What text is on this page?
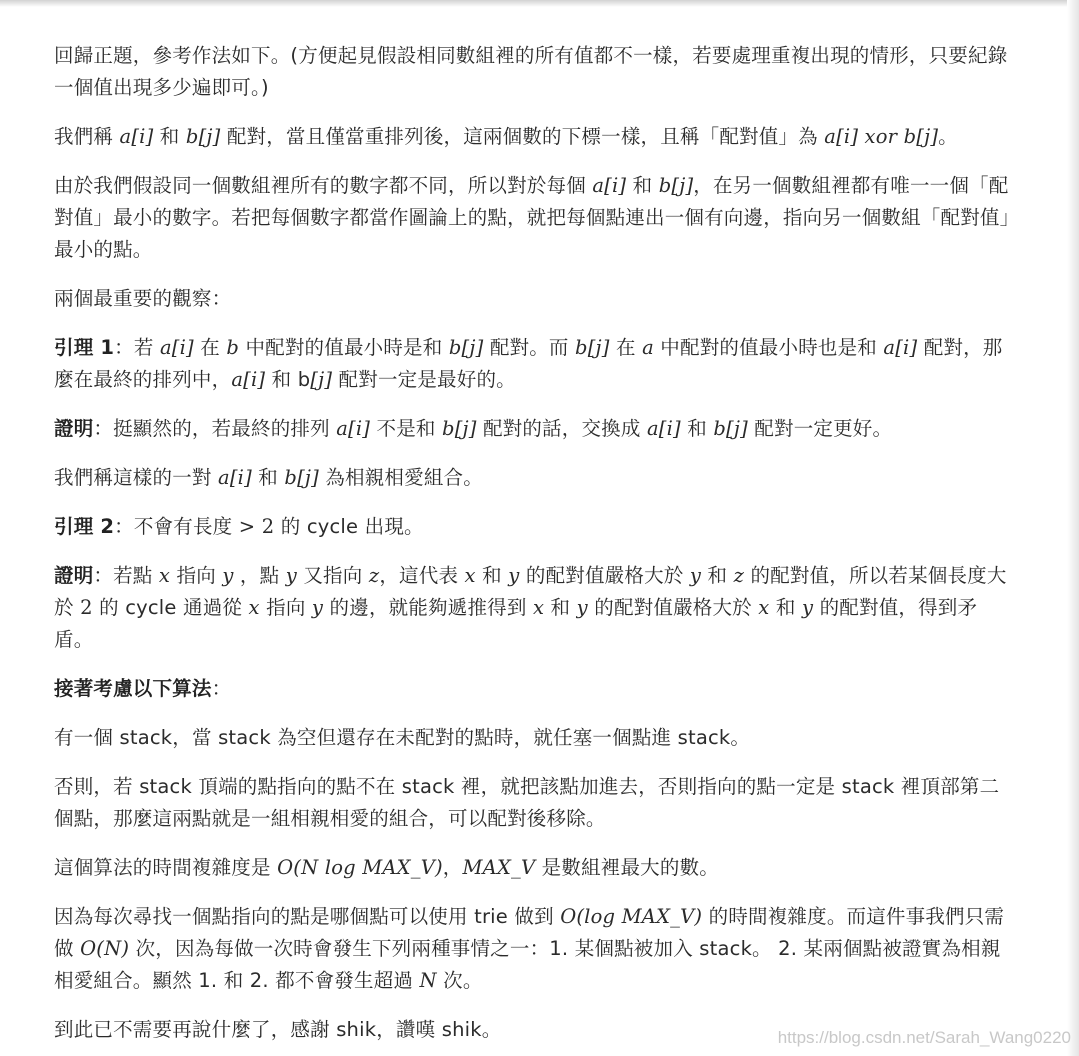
回歸正題，參考作法如下。(方便起見假設相同數組裡的所有值都不一樣，若要處理重複出現的情形，只要紀錄一個值出現多少遍即可。)

我們稱 a[i] 和 b[j] 配對，當且僅當重排列後，這兩個數的下標一樣，且稱「配對值」為 a[i] xor b[j]。

由於我們假設同一個數組裡所有的數字都不同，所以對於每個 a[i] 和 b[j]，在另一個數組裡都有唯一一個「配對值」最小的數字。若把每個數字都當作圖論上的點，就把每個點連出一個有向邊，指向另一個數組「配對值」最小的點。

兩個最重要的觀察：

引理 1：若 a[i] 在 b 中配對的值最小時是和 b[j] 配對。而 b[j] 在 a 中配對的值最小時也是和 a[i] 配對，那麼在最終的排列中，a[i] 和 b[j] 配對一定是最好的。

證明：挺顯然的，若最終的排列 a[i] 不是和 b[j] 配對的話，交換成 a[i] 和 b[j] 配對一定更好。

我們稱這樣的一對 a[i] 和 b[j] 為相親相愛組合。

引理 2：不會有長度 > 2 的 cycle 出現。

證明：若點 x 指向 y ，點 y 又指向 z，這代表 x 和 y 的配對值嚴格大於 y 和 z 的配對值，所以若某個長度大於 2 的 cycle 通過從 x 指向 y 的邊，就能夠遞推得到 x 和 y 的配對值嚴格大於 x 和 y 的配對值，得到矛盾。

接著考慮以下算法：

有一個 stack，當 stack 為空但還存在未配對的點時，就任塞一個點進 stack。

否則，若 stack 頂端的點指向的點不在 stack 裡，就把該點加進去，否則指向的點一定是 stack 裡頂部第二個點，那麼這兩點就是一組相親相愛的組合，可以配對後移除。

這個算法的時間複雜度是 O(N log MAX_V)，MAX_V 是數組裡最大的數。

因為每次尋找一個點指向的點是哪個點可以使用 trie 做到 O(log MAX_V) 的時間複雜度。而這件事我們只需做 O(N) 次，因為每做一次時會發生下列兩種事情之一：1. 某個點被加入 stack。 2. 某兩個點被證實為相親相愛組合。顯然 1. 和 2. 都不會發生超過 N 次。

到此已不需要再說什麼了，感謝 shik，讚嘆 shik。	https://blog.csdn.net/Sarah_Wang0220
